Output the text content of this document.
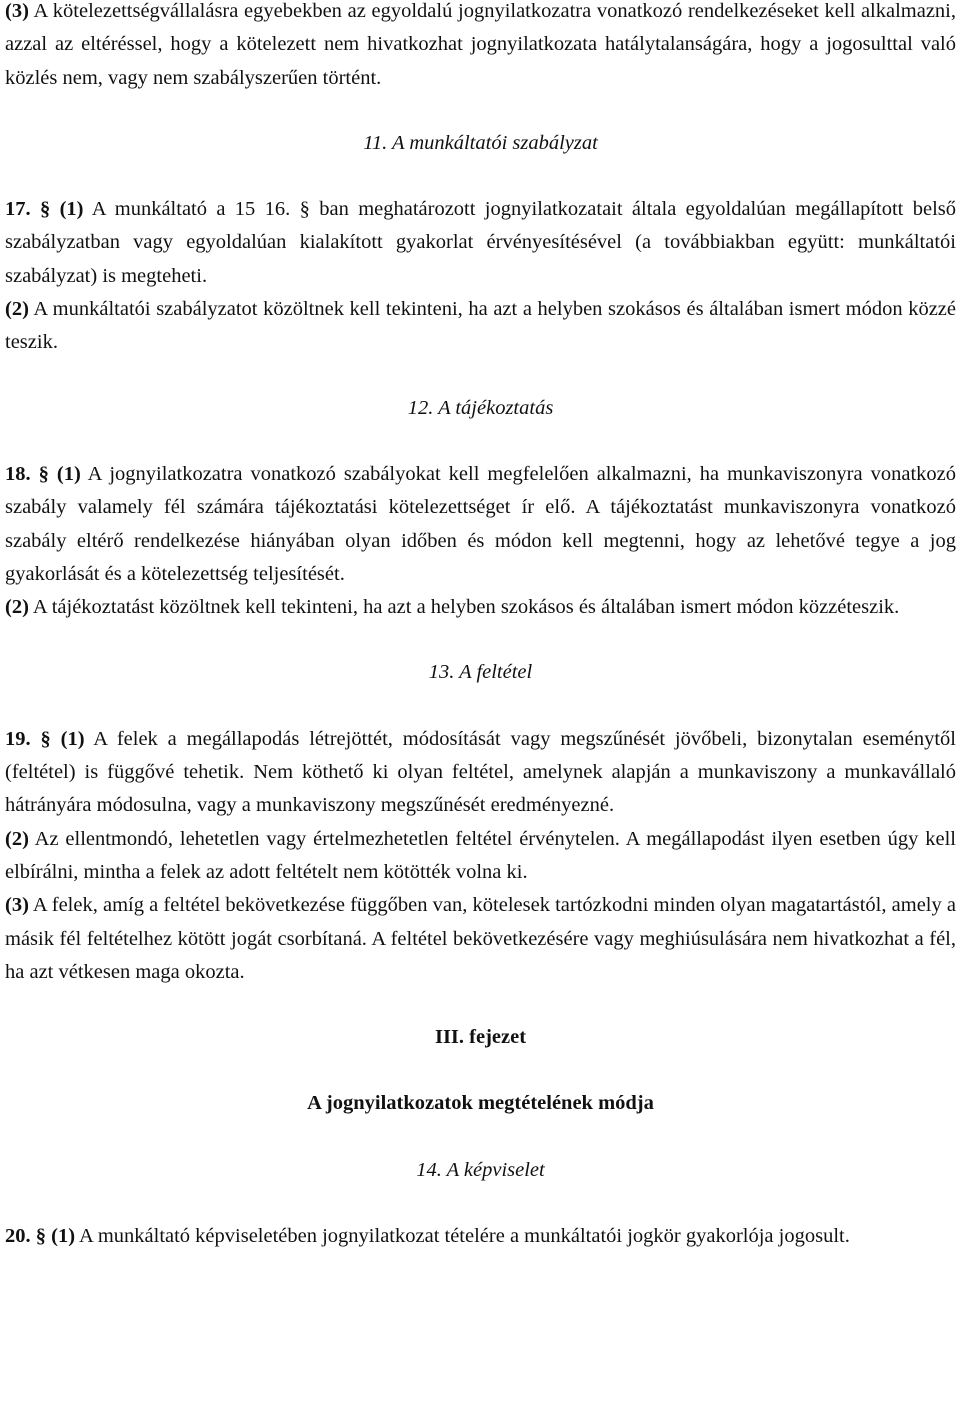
(3) A kötelezettségvállalásra egyebekben az egyoldalú jognyilatkozatra vonatkozó rendelkezéseket kell alkalmazni, azzal az eltéréssel, hogy a kötelezett nem hivatkozhat jognyilatkozata hatálytalanságára, hogy a jogosulttal való közlés nem, vagy nem szabályszerűen történt.

11. A munkáltatói szabályzat

17. § (1) A munkáltató a 15 16. § ban meghatározott jognyilatkozatait általa egyoldalúan megállapított belső szabályzatban vagy egyoldalúan kialakított gyakorlat érvényesítésével (a továbbiakban együtt: munkáltatói szabályzat) is megteheti.

(2) A munkáltatói szabályzatot közöltnek kell tekinteni, ha azt a helyben szokásos és általában ismert módon közzé teszik.

12. A tájékoztatás

18. § (1) A jognyilatkozatra vonatkozó szabályokat kell megfelelően alkalmazni, ha munkaviszonyra vonatkozó szabály valamely fél számára tájékoztatási kötelezettséget ír elő. A tájékoztatást munkaviszonyra vonatkozó szabály eltérő rendelkezése hiányában olyan időben és módon kell megtenni, hogy az lehetővé tegye a jog gyakorlását és a kötelezettség teljesítését.

(2) A tájékoztatást közöltnek kell tekinteni, ha azt a helyben szokásos és általában ismert módon közzéteszik.

13. A feltétel

19. § (1) A felek a megállapodás létrejöttét, módosítását vagy megszűnését jövőbeli, bizonytalan eseménytől (feltétel) is függővé tehetik. Nem köthető ki olyan feltétel, amelynek alapján a munkaviszony a munkavállaló hátrányára módosulna, vagy a munkaviszony megszűnését eredményezné.

(2) Az ellentmondó, lehetetlen vagy értelmezhetetlen feltétel érvénytelen. A megállapodást ilyen esetben úgy kell elbírálni, mintha a felek az adott feltételt nem kötötték volna ki.

(3) A felek, amíg a feltétel bekövetkezése függőben van, kötelesek tartózkodni minden olyan magatartástól, amely a másik fél feltételhez kötött jogát csorbítaná. A feltétel bekövetkezésére vagy meghiúsulására nem hivatkozhat a fél, ha azt vétkesen maga okozta.

III. fejezet

A jognyilatkozatok megtételének módja

14. A képviselet

20. § (1) A munkáltató képviseletében jognyilatkozat tételére a munkáltatói jogkör gyakorlója jogosult.
